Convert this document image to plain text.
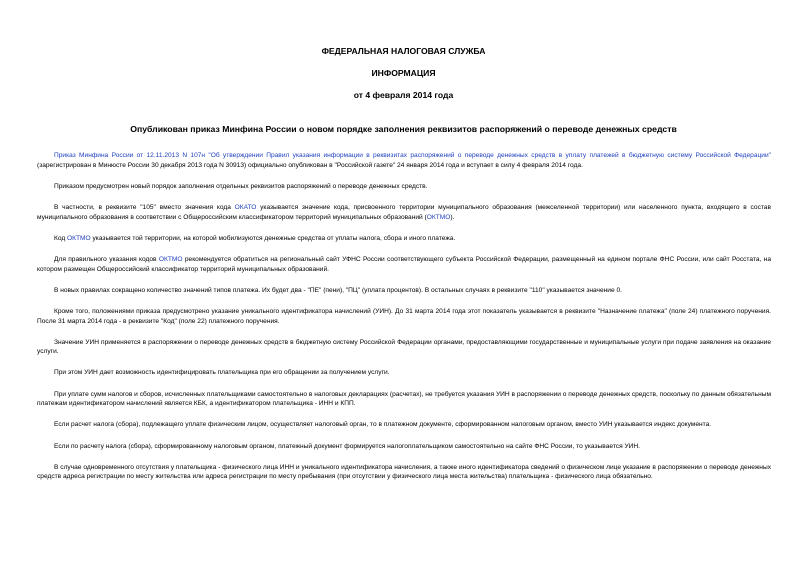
ФЕДЕРАЛЬНАЯ НАЛОГОВАЯ СЛУЖБА
ИНФОРМАЦИЯ
от 4 февраля 2014 года
Опубликован приказ Минфина России о новом порядке заполнения реквизитов распоряжений о переводе денежных средств

Приказ Минфина России от 12.11.2013 N 107н "Об утверждении Правил указания информации в реквизитах распоряжений о переводе денежных средств в уплату платежей в бюджетную систему Российской Федерации" (зарегистрирован в Минюсте России 30 декабря 2013 года N 30913) официально опубликован в "Российской газете" 24 января 2014 года и вступает в силу 4 февраля 2014 года.

Приказом предусмотрен новый порядок заполнения отдельных реквизитов распоряжений о переводе денежных средств.

В частности, в реквизите "105" вместо значения кода ОКАТО указывается значение кода, присвоенного территории муниципального образования (межселенной территории) или населенного пункта, входящего в состав муниципального образования в соответствии с Общероссийским классификатором территорий муниципальных образований (ОКТМО).

Код ОКТМО указывается той территории, на которой мобилизуются денежные средства от уплаты налога, сбора и иного платежа.

Для правильного указания кодов ОКТМО рекомендуется обратиться на региональный сайт УФНС России соответствующего субъекта Российской Федерации, размещенный на едином портале ФНС России, или сайт Росстата, на котором размещен Общероссийский классификатор территорий муниципальных образований.

В новых правилах сокращено количество значений типов платежа. Их будет два - "ПЕ" (пени), "ПЦ" (уплата процентов). В остальных случаях в реквизите "110" указывается значение 0.

Кроме того, положениями приказа предусмотрено указание уникального идентификатора начислений (УИН). До 31 марта 2014 года этот показатель указывается в реквизите "Назначение платежа" (поле 24) платежного поручения. После 31 марта 2014 года - в реквизите "Код" (поле 22) платежного поручения.

Значение УИН применяется в распоряжении о переводе денежных средств в бюджетную систему Российской Федерации органами, предоставляющими государственные и муниципальные услуги при подаче заявления на оказание услуги.

При этом УИН дает возможность идентифицировать плательщика при его обращении за получением услуги.

При уплате сумм налогов и сборов, исчисленных плательщиками самостоятельно в налоговых декларациях (расчетах), не требуется указания УИН в распоряжении о переводе денежных средств, поскольку по данным обязательным платежам идентификатором начислений является КБК, а идентификатором плательщика - ИНН и КПП.

Если расчет налога (сбора), подлежащего уплате физическим лицом, осуществляет налоговый орган, то в платежном документе, сформированном налоговым органом, вместо УИН указывается индекс документа.

Если по расчету налога (сбора), сформированному налоговым органом, платежный документ формируется налогоплательщиком самостоятельно на сайте ФНС России, то указывается УИН.

В случае одновременного отсутствия у плательщика - физического лица ИНН и уникального идентификатора начисления, а также иного идентификатора сведений о физическом лице указание в распоряжении о переводе денежных средств адреса регистрации по месту жительства или адреса регистрации по месту пребывания (при отсутствии у физического лица места жительства) плательщика - физического лица обязательно.
